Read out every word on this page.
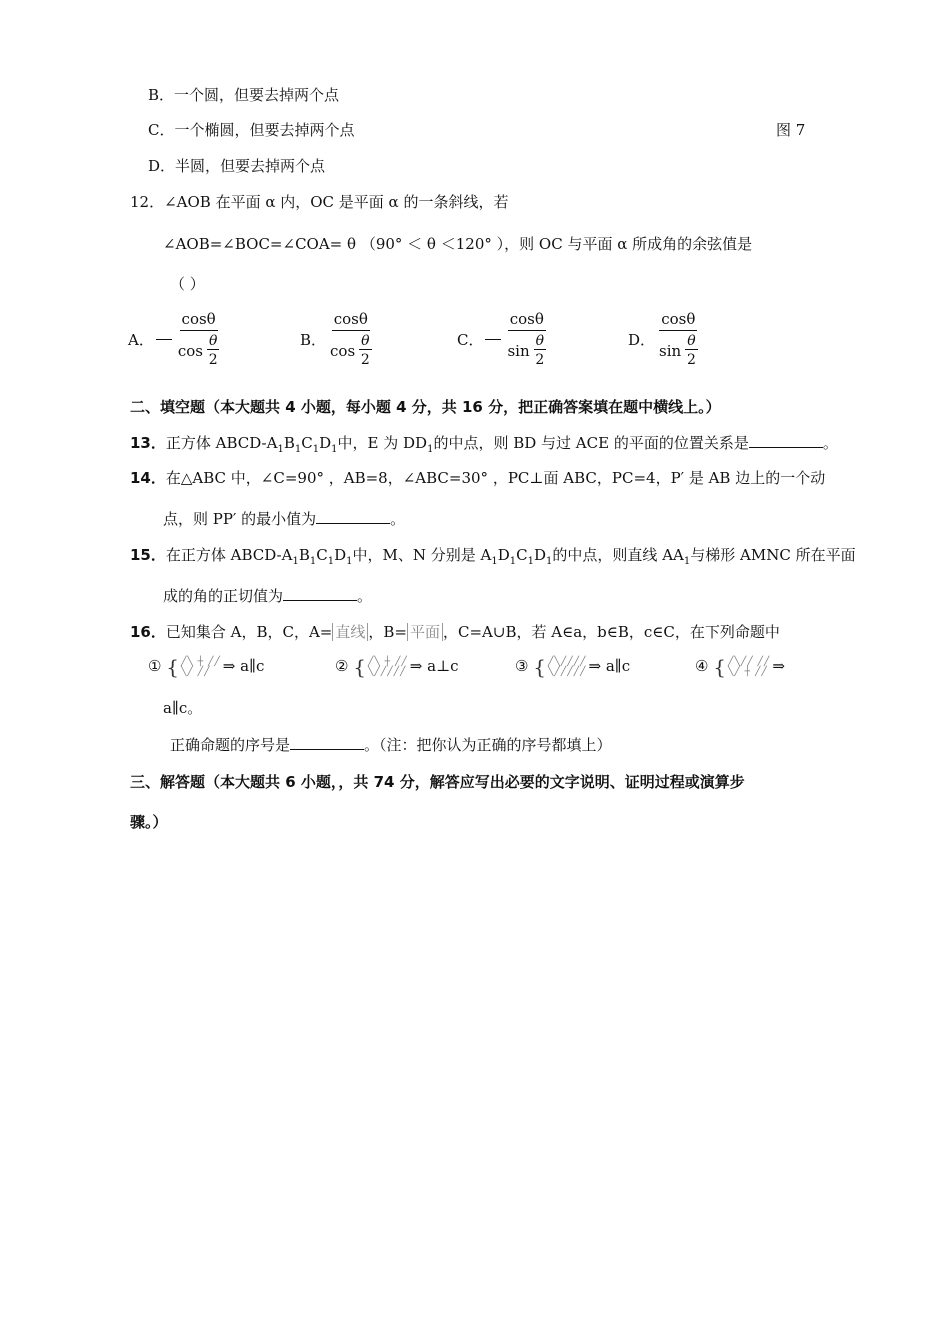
B．一个圆，但要去掉两个点
C．一个椭圆，但要去掉两个点	图 7
D．半圆，但要去掉两个点
12．∠AOB 在平面 α 内，OC 是平面 α 的一条斜线，若
∠AOB=∠BOC=∠COA= θ （90° ＜ θ ＜120° ），则 OC 与平面 α 所成角的余弦值是
（ ）
A． cosθ
cos
θ
2	B． cosθ
cos
θ
2	C． cosθ
sin
θ
2	D． cosθ
sin
θ
2
二、填空题（本大题共 4 小题，每小题 4 分，共 16 分，把正确答案填在题中横线上。）
13．正方体 ABCD-$A_1B_1C_1D_1$中，E 为 $DD_1$的中点，则 BD 与过 ACE 的平面的位置关系是	。
14．在△ABC 中，∠C=90° ，AB=8，∠ABC=30° ，PC⊥面 ABC，PC=4，P′ 是 AB 边上的一个动
点，则 PP′ 的最小值为	。
15．在正方体 ABCD-$A_1B_1C_1D_1$中，M、N 分别是 $A_1D_1C_1D_1$的中点，则直线 $AA_1$与梯形 AMNC 所在平面
成的角的正切值为	。
16．已知集合 A，B，C，A= 直线 ，B= 平面 ，C=A∪B，若 A∈a，b∈B，c∈C，在下列命题中
① { ╱╲ ┼ ╱╱
╲╱ ╱╱ ⇒ a∥c	② { ╱╲ ┼ ╱╱
╲╱╱╱╱╱ ⇒ a⊥c	③ { ╱╲╱╱╱╱
╲╱╱╱╱╱ ⇒ a∥c	④ { ╱╲╱╱ ╱╱
╲╱ ┼ ╱╱ ⇒
a∥c。
正确命题的序号是	。（注：把你认为正确的序号都填上）
三、解答题（本大题共 6 小题，，共 74 分，解答应写出必要的文字说明、证明过程或演算步
骤。）
